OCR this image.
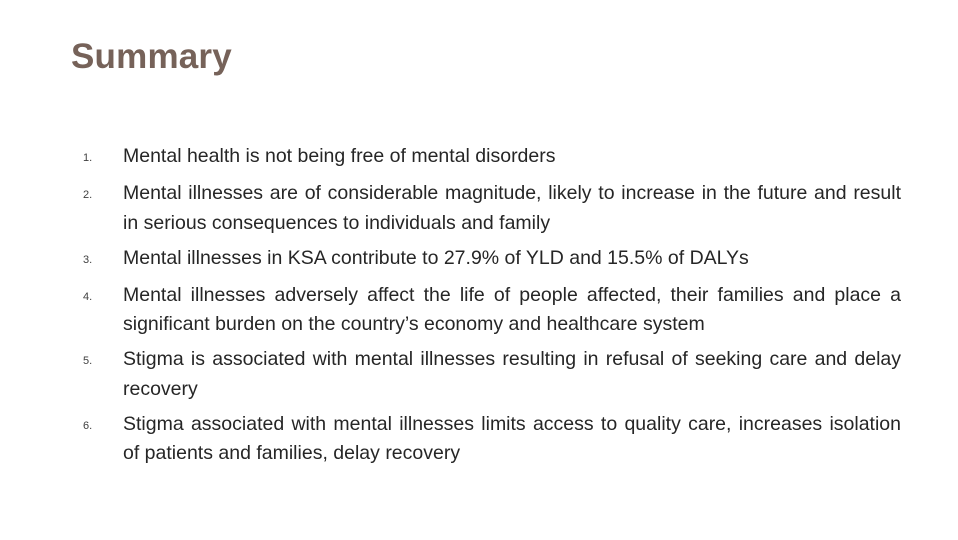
Summary
1.	Mental health is not being free of mental disorders
2.	Mental illnesses are of considerable magnitude, likely to increase in the future and result in serious consequences to individuals and family
3.	Mental illnesses in KSA contribute to 27.9% of YLD and 15.5% of DALYs
4.	Mental illnesses adversely affect the life of people affected, their families and place a significant burden on the country’s economy and healthcare system
5.	Stigma is associated with mental illnesses resulting in refusal of seeking care and delay recovery
6.	Stigma associated with mental illnesses limits access to quality care, increases isolation of patients and families, delay recovery
